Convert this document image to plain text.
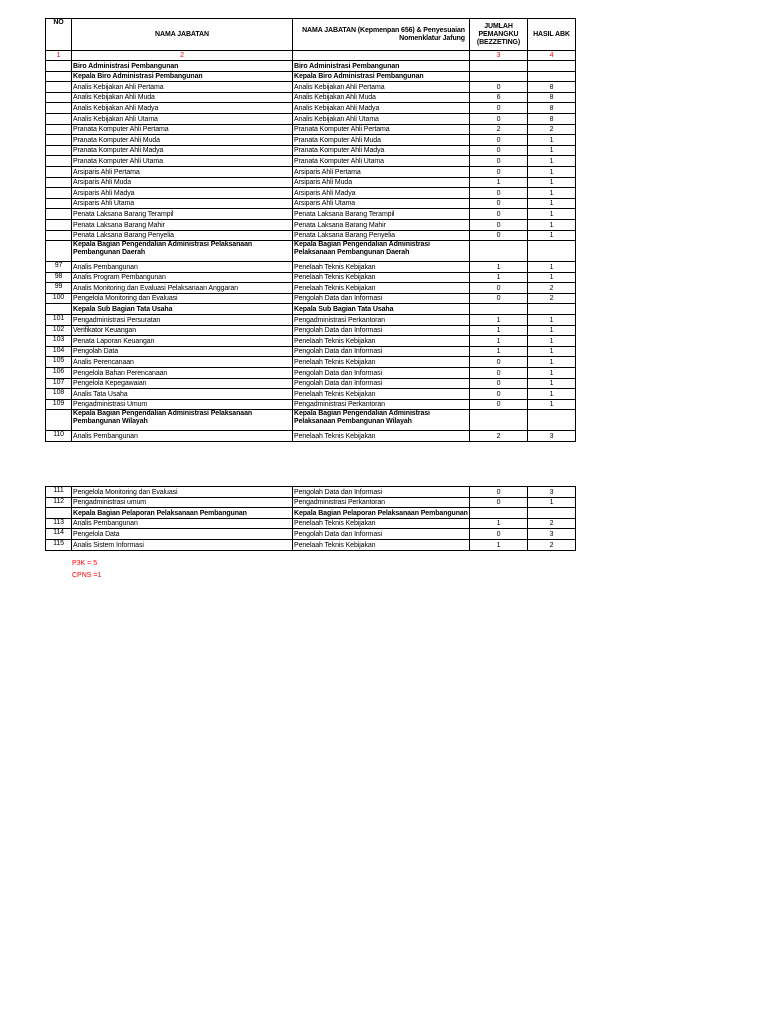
NO	NAMA JABATAN	NAMA JABATAN (Kepmenpan 656) & Penyesuaian Nomenklatur Jafung	JUMLAH PEMANGKU (BEZZETING)	HASIL ABK
1	2		3	4
	Biro Administrasi Pembangunan	Biro Administrasi Pembangunan		
	Kepala Biro Administrasi Pembangunan	Kepala Biro Administrasi Pembangunan		
	Analis Kebijakan Ahli Pertama	Analis Kebijakan Ahli Pertama	0	8
	Analis Kebijakan Ahli Muda	Analis Kebijakan Ahli Muda	6	8
	Analis Kebijakan Ahli Madya	Analis Kebijakan Ahli Madya	0	8
	Analis Kebijakan Ahli Utama	Analis Kebijakan Ahli Utama	0	8
	Pranata Komputer Ahli Pertama	Pranata Komputer Ahli Pertama	2	2
	Pranata Komputer Ahli Muda	Pranata Komputer Ahli Muda	0	1
	Pranata Komputer Ahli Madya	Pranata Komputer Ahli Madya	0	1
	Pranata Komputer Ahli Utama	Pranata Komputer Ahli Utama	0	1
	Arsiparis Ahli Pertama	Arsiparis Ahli Pertama	0	1
	Arsiparis Ahli Muda	Arsiparis Ahli Muda	1	1
	Arsiparis Ahli Madya	Arsiparis Ahli Madya	0	1
	Arsiparis Ahli Utama	Arsiparis Ahli Utama	0	1
	Penata Laksana Barang Terampil	Penata Laksana Barang Terampil	0	1
	Penata Laksana Barang Mahir	Penata Laksana Barang Mahir	0	1
	Penata Laksana Barang Penyelia	Penata Laksana Barang Penyelia	0	1
	Kepala Bagian Pengendalian Administrasi Pelaksanaan Pembangunan Daerah	Kepala Bagian Pengendalian Administrasi Pelaksanaan Pembangunan Daerah		
97	Analis Pembangunan	Penelaah Teknis Kebijakan	1	1
98	Analis Program Pembangunan	Penelaah Teknis Kebijakan	1	1
99	Analis Monitoring dan Evaluasi Pelaksanaan Anggaran	Penelaah Teknis Kebijakan	0	2
100	Pengelola Monitoring dan Evaluasi	Pengolah Data dan Informasi	0	2
	Kepala Sub Bagian Tata Usaha	Kepala Sub Bagian Tata Usaha		
101	Pengadministrasi Persuratan	Pengadministrasi Perkantoran	1	1
102	Verifikator Keuangan	Pengolah Data dan Informasi	1	1
103	Penata Laporan Keuangan	Penelaah Teknis Kebijakan	1	1
104	Pengolah Data	Pengolah Data dan Informasi	1	1
105	Analis Perencanaan	Penelaah Teknis Kebijakan	0	1
106	Pengelola Bahan Perencanaan	Pengolah Data dan Informasi	0	1
107	Pengelola Kepegawaian	Pengolah Data dan Informasi	0	1
108	Analis Tata Usaha	Penelaah Teknis Kebijakan	0	1
109	Pengadministrasi Umum	Pengadministrasi Perkantoran	0	1
	Kepala Bagian Pengendalian Administrasi Pelaksanaan Pembangunan Wilayah	Kepala Bagian Pengendalian Administrasi Pelaksanaan Pembangunan Wilayah		
110	Analis Pembangunan	Penelaah Teknis Kebijakan	2	3
111	Pengelola Monitoring dan Evaluasi	Pengolah Data dan Informasi	0	3
112	Pengadministrasi umum	Pengadministrasi Perkantoran	0	1
	Kepala Bagian Pelaporan Pelaksanaan Pembangunan	Kepala Bagian Pelaporan Pelaksanaan Pembangunan		
113	Analis Pembangunan	Penelaah Teknis Kebijakan	1	2
114	Pengelola Data	Pengolah Data dan Informasi	0	3
115	Analis Sistem Informasi	Penelaah Teknis Kebijakan	1	2
P3K = 5
CPNS =1
